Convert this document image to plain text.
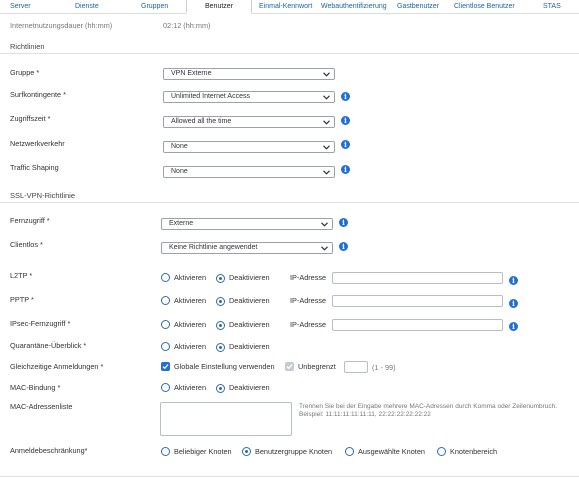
Server	Dienste	Gruppen	Benutzer	Einmal-Kennwort Webauthentifizierung Gastbenutzer Clientlose Benutzer	STAS
Internetnutzungsdauer (hh:mm)	02:12 (hh:mm)
Richtlinien
Gruppe *	VPN Externe
Surfkontingente *	Unlimited Internet Access	i
Zugriffszeit *	Allowed all the time	i
Netzwerkverkehr	None	i
Traffic Shaping	None	i
SSL-VPN-Richtlinie
Fernzugriff *	Externe	i
Clientlos *	Keine Richtlinie angewendet	i
L2TP *	Aktivieren	Deaktivieren	IP-Adresse	i
PPTP *	Aktivieren	Deaktivieren	IP-Adresse	i
IPsec-Fernzugriff *	Aktivieren	Deaktivieren	IP-Adresse	i
Quarantäne-Überblick *	Aktivieren	Deaktivieren
Gleichzeitige Anmeldungen *	Globale Einstellung verwenden	Unbegrenzt	(1 - 99)
MAC-Bindung *	Aktivieren	Deaktivieren
MAC-Adressenliste	Trennen Sie bei der Eingabe mehrere MAC-Adressen durch Komma oder Zeilenumbruch.
Beispiel: 11:11:11:11:11:11, 22:22:22:22:22:22
Anmeldebeschränkung*	Beliebiger Knoten	Benutzergruppe Knoten	Ausgewählte Knoten	Knotenbereich
